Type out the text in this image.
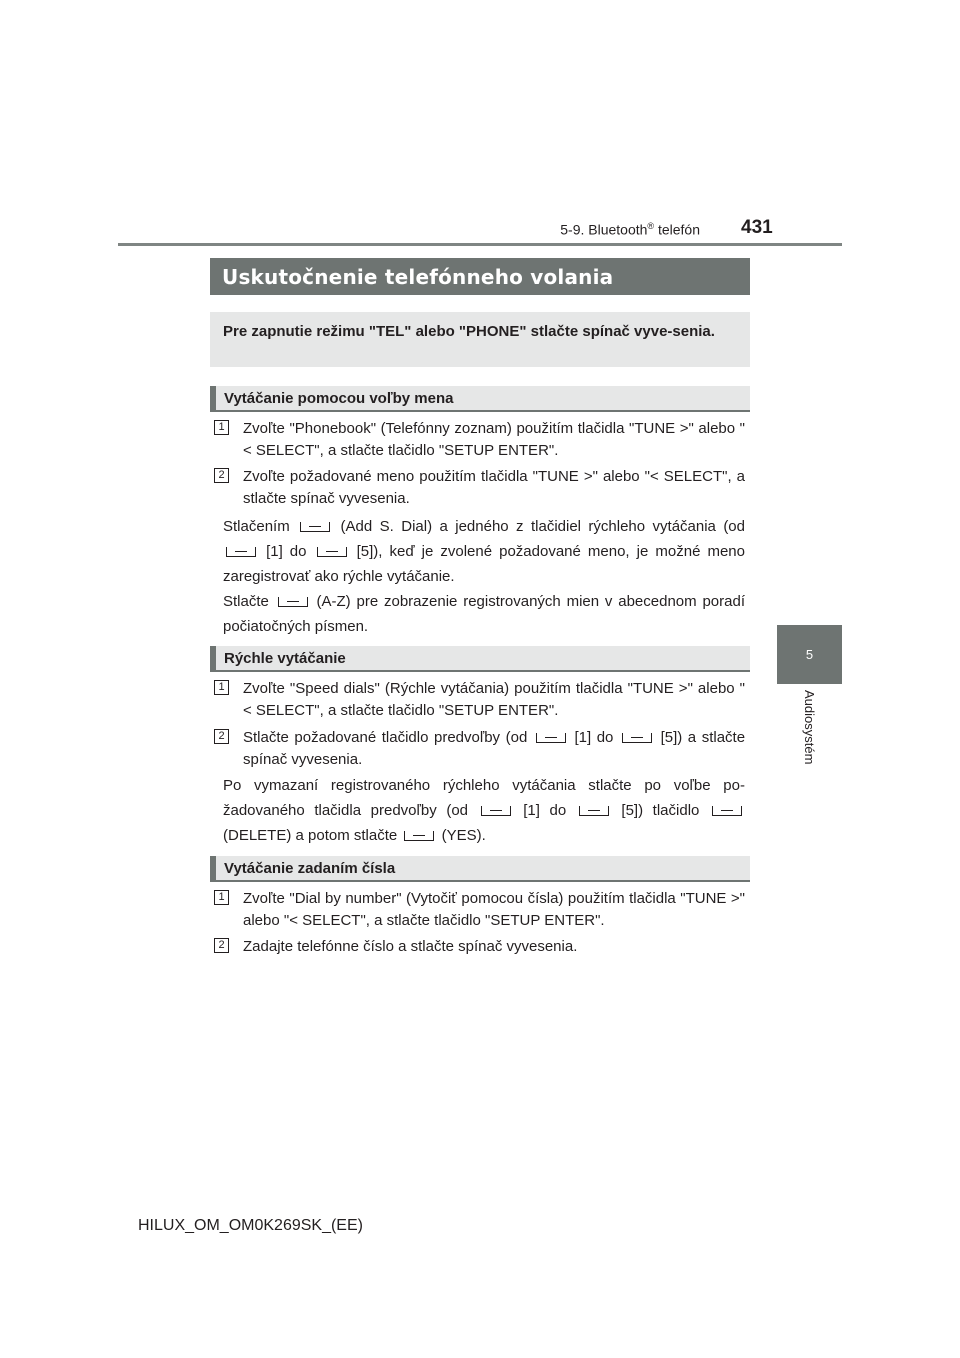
5-9. Bluetooth® telefón 431
5
Audiosystém
Uskutočnenie telefónneho volania
Pre zapnutie režimu "TEL" alebo "PHONE" stlačte spínač vyve-senia.
Vytáčanie pomocou voľby mena
1 Zvoľte "Phonebook" (Telefónny zoznam) použitím tlačidla "TUNE >" alebo "< SELECT", a stlačte tlačidlo "SETUP ENTER".
2 Zvoľte požadované meno použitím tlačidla "TUNE >" alebo "< SELECT", a stlačte spínač vyvesenia.
Stlačením	(Add S. Dial) a jedného z tlačidiel rýchleho vytáčania (od  [1] do	[5]), keď je zvolené požadované meno, je možné meno zaregistrovať ako rýchle vytáčanie.
Stlačte	(A-Z) pre zobrazenie registrovaných mien v abecednom poradí počiatočných písmen.
Rýchle vytáčanie
1 Zvoľte "Speed dials" (Rýchle vytáčania) použitím tlačidla "TUNE >" alebo "< SELECT", a stlačte tlačidlo "SETUP ENTER".
2 Stlačte požadované tlačidlo predvoľby (od	[1] do	[5]) a stlačte spínač vyvesenia.
Po vymazaní registrovaného rýchleho vytáčania stlačte po voľbe po-žadovaného tlačidla predvoľby (od	[1] do	[5]) tlačidlo  (DELETE) a potom stlačte	(YES).
Vytáčanie zadaním čísla
1 Zvoľte "Dial by number" (Vytočiť pomocou čísla) použitím tlačidla "TUNE >" alebo "< SELECT", a stlačte tlačidlo "SETUP ENTER".
2 Zadajte telefónne číslo a stlačte spínač vyvesenia.
HILUX_OM_OM0K269SK_(EE)
